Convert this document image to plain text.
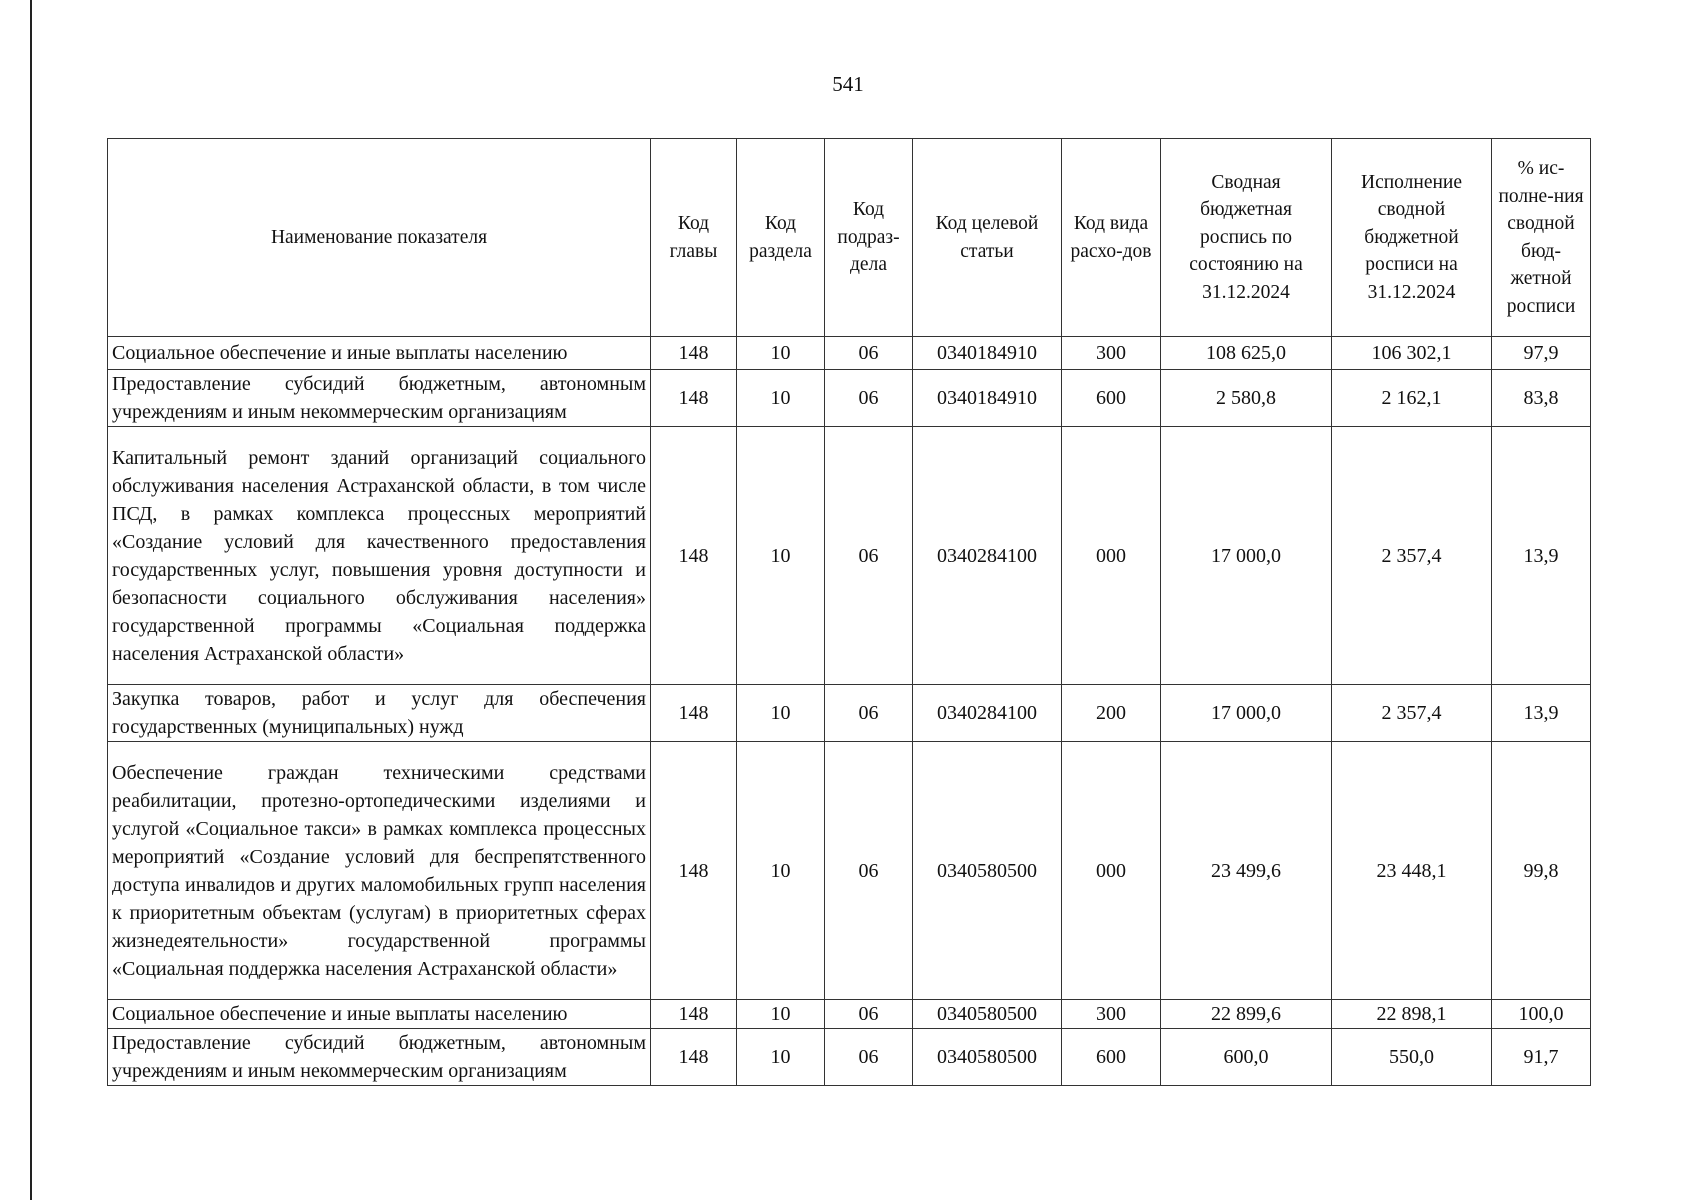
541
Наименование показателя	Код главы	Код раздела	Код подраз-дела	Код целевой статьи	Код вида расхо-дов	Сводная бюджетная роспись по состоянию на 31.12.2024	Исполнение сводной бюджетной росписи на 31.12.2024	% ис-полне-ния сводной бюд-жетной росписи
Социальное обеспечение и иные выплаты населению	148	10	06	0340184910	300	108 625,0	106 302,1	97,9
Предоставление субсидий бюджетным, автономным учреждениям и иным некоммерческим организациям	148	10	06	0340184910	600	2 580,8	2 162,1	83,8
Капитальный ремонт зданий организаций социального обслуживания населения Астраханской области, в том числе ПСД, в рамках комплекса процессных мероприятий «Создание условий для качественного предоставления государственных услуг, повышения уровня доступности и безопасности социального обслуживания населения» государственной программы «Социальная поддержка населения Астраханской области»	148	10	06	0340284100	000	17 000,0	2 357,4	13,9
Закупка товаров, работ и услуг для обеспечения государственных (муниципальных) нужд	148	10	06	0340284100	200	17 000,0	2 357,4	13,9
Обеспечение граждан техническими средствами реабилитации, протезно-ортопедическими изделиями и услугой «Социальное такси» в рамках комплекса процессных мероприятий «Создание условий для беспрепятственного доступа инвалидов и других маломобильных групп населения к приоритетным объектам (услугам) в приоритетных сферах жизнедеятельности» государственной программы «Социальная поддержка населения Астраханской области»	148	10	06	0340580500	000	23 499,6	23 448,1	99,8
Социальное обеспечение и иные выплаты населению	148	10	06	0340580500	300	22 899,6	22 898,1	100,0
Предоставление субсидий бюджетным, автономным учреждениям и иным некоммерческим организациям	148	10	06	0340580500	600	600,0	550,0	91,7
